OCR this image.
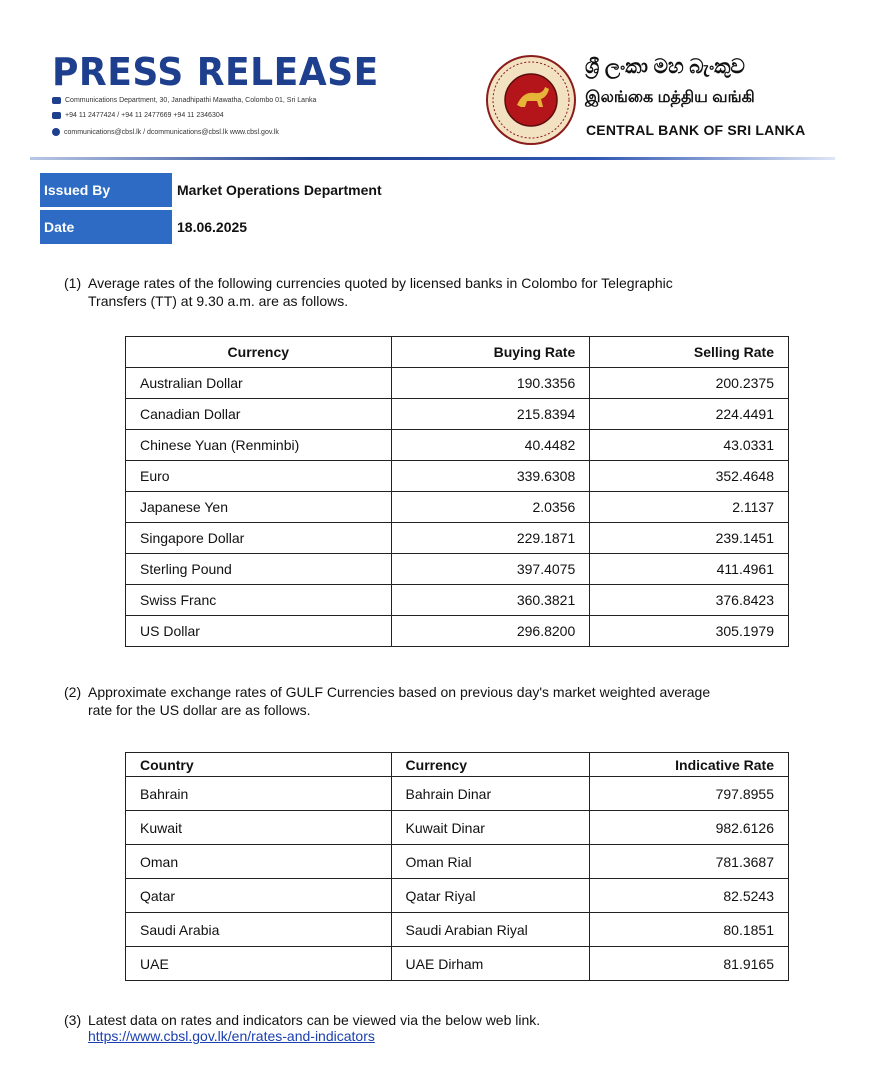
PRESS RELEASE
Communications Department, 30, Janadhipathi Mawatha, Colombo 01, Sri Lanka
+94 11 2477424 / +94 11 2477669 +94 11 2346304
communications@cbsl.lk / dcommunications@cbsl.lk www.cbsl.gov.lk
ශ්‍රී ලංකා මහ බැංකුව
இலங்கை மத்திய வங்கி
CENTRAL BANK OF SRI LANKA
Issued By	Market Operations Department
Date	18.06.2025
(1) Average rates of the following currencies quoted by licensed banks in Colombo for Telegraphic
Transfers (TT) at 9.30 a.m. are as follows.
Currency	Buying Rate	Selling Rate
Australian Dollar	190.3356	200.2375
Canadian Dollar	215.8394	224.4491
Chinese Yuan (Renminbi)	40.4482	43.0331
Euro	339.6308	352.4648
Japanese Yen	2.0356	2.1137
Singapore Dollar	229.1871	239.1451
Sterling Pound	397.4075	411.4961
Swiss Franc	360.3821	376.8423
US Dollar	296.8200	305.1979
(2) Approximate exchange rates of GULF Currencies based on previous day's market weighted average
rate for the US dollar are as follows.
Country	Currency	Indicative Rate
Bahrain	Bahrain Dinar	797.8955
Kuwait	Kuwait Dinar	982.6126
Oman	Oman Rial	781.3687
Qatar	Qatar Riyal	82.5243
Saudi Arabia	Saudi Arabian Riyal	80.1851
UAE	UAE Dirham	81.9165
(3) Latest data on rates and indicators can be viewed via the below web link.
https://www.cbsl.gov.lk/en/rates-and-indicators
